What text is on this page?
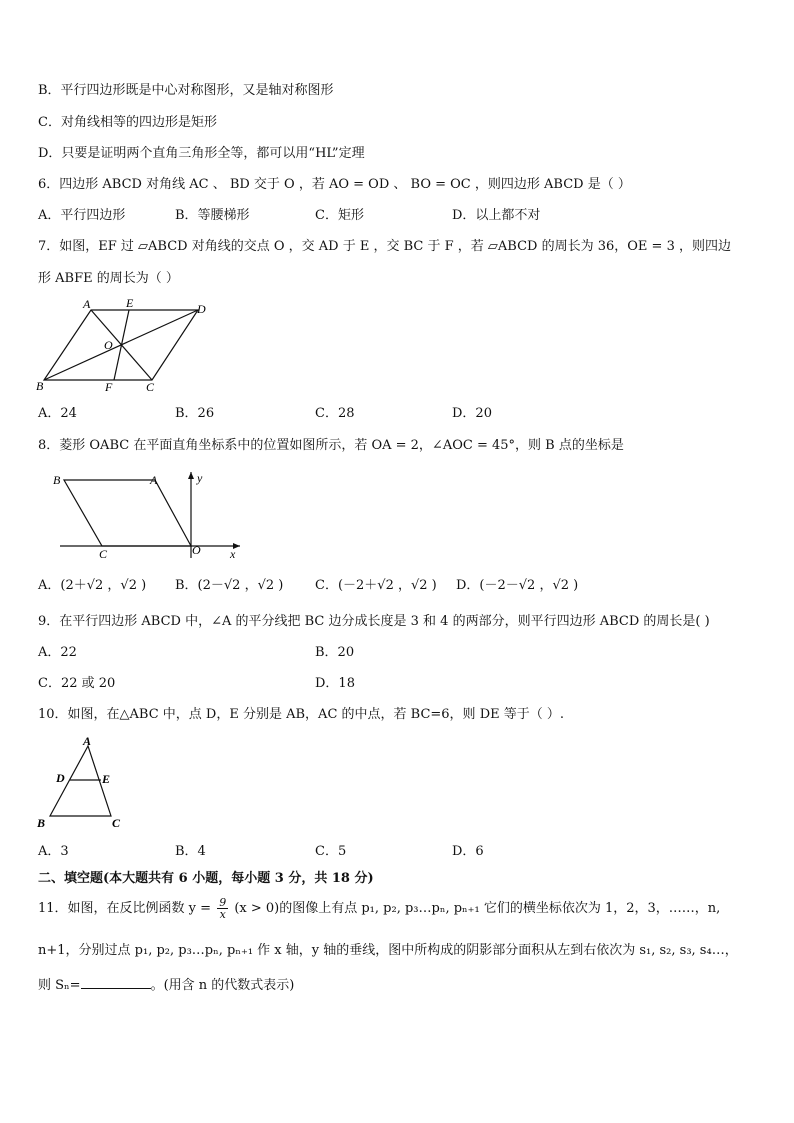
B．平行四边形既是中心对称图形，又是轴对称图形
C．对角线相等的四边形是矩形
D．只要是证明两个直角三角形全等，都可以用“HL”定理
6．四边形 ABCD 对角线 AC 、 BD 交于 O ，若 AO = OD 、 BO = OC ，则四边形 ABCD 是（ ）
A．平行四边形	B．等腰梯形	C．矩形	D．以上都不对
7．如图，EF 过 ▱ABCD 对角线的交点 O ，交 AD 于 E ，交 BC 于 F ，若 ▱ABCD 的周长为 36，OE = 3 ，则四边
形 ABFE 的周长为（ ）
A	E	D
O
B	F	C
A．24	B．26	C．28	D．20
8．菱形 OABC 在平面直角坐标系中的位置如图所示，若 OA = 2，∠AOC = 45°，则 B 点的坐标是
B	A	y
C	O x
A．(2＋√2 ，√2 ) B．(2－√2 ，√2 ) C．(－2＋√2 ，√2 ) D．(－2－√2 ，√2 )
9．在平行四边形 ABCD 中，∠A 的平分线把 BC 边分成长度是 3 和 4 的两部分，则平行四边形 ABCD 的周长是( )
A．22	B．20
C．22 或 20	D．18
10．如图，在△ABC 中，点 D，E 分别是 AB，AC 的中点，若 BC=6，则 DE 等于（ ）.
A
D	E
B	C
A．3	B．4	C．5	D．6
二、填空题(本大题共有 6 小题，每小题 3 分，共 18 分)
11．如图，在反比例函数 $y = \frac{9}{x} (x > 0)$的图像上有点 p₁, p₂, p₃…pₙ, pₙ₊₁ 它们的横坐标依次为 1，2，3，……，n,
n+1，分别过点 p₁, p₂, p₃…pₙ, pₙ₊₁ 作 x 轴，y 轴的垂线，图中所构成的阴影部分面积从左到右依次为 s₁, s₂, s₃, s₄…，
则 Sₙ=	。(用含 n 的代数式表示)
